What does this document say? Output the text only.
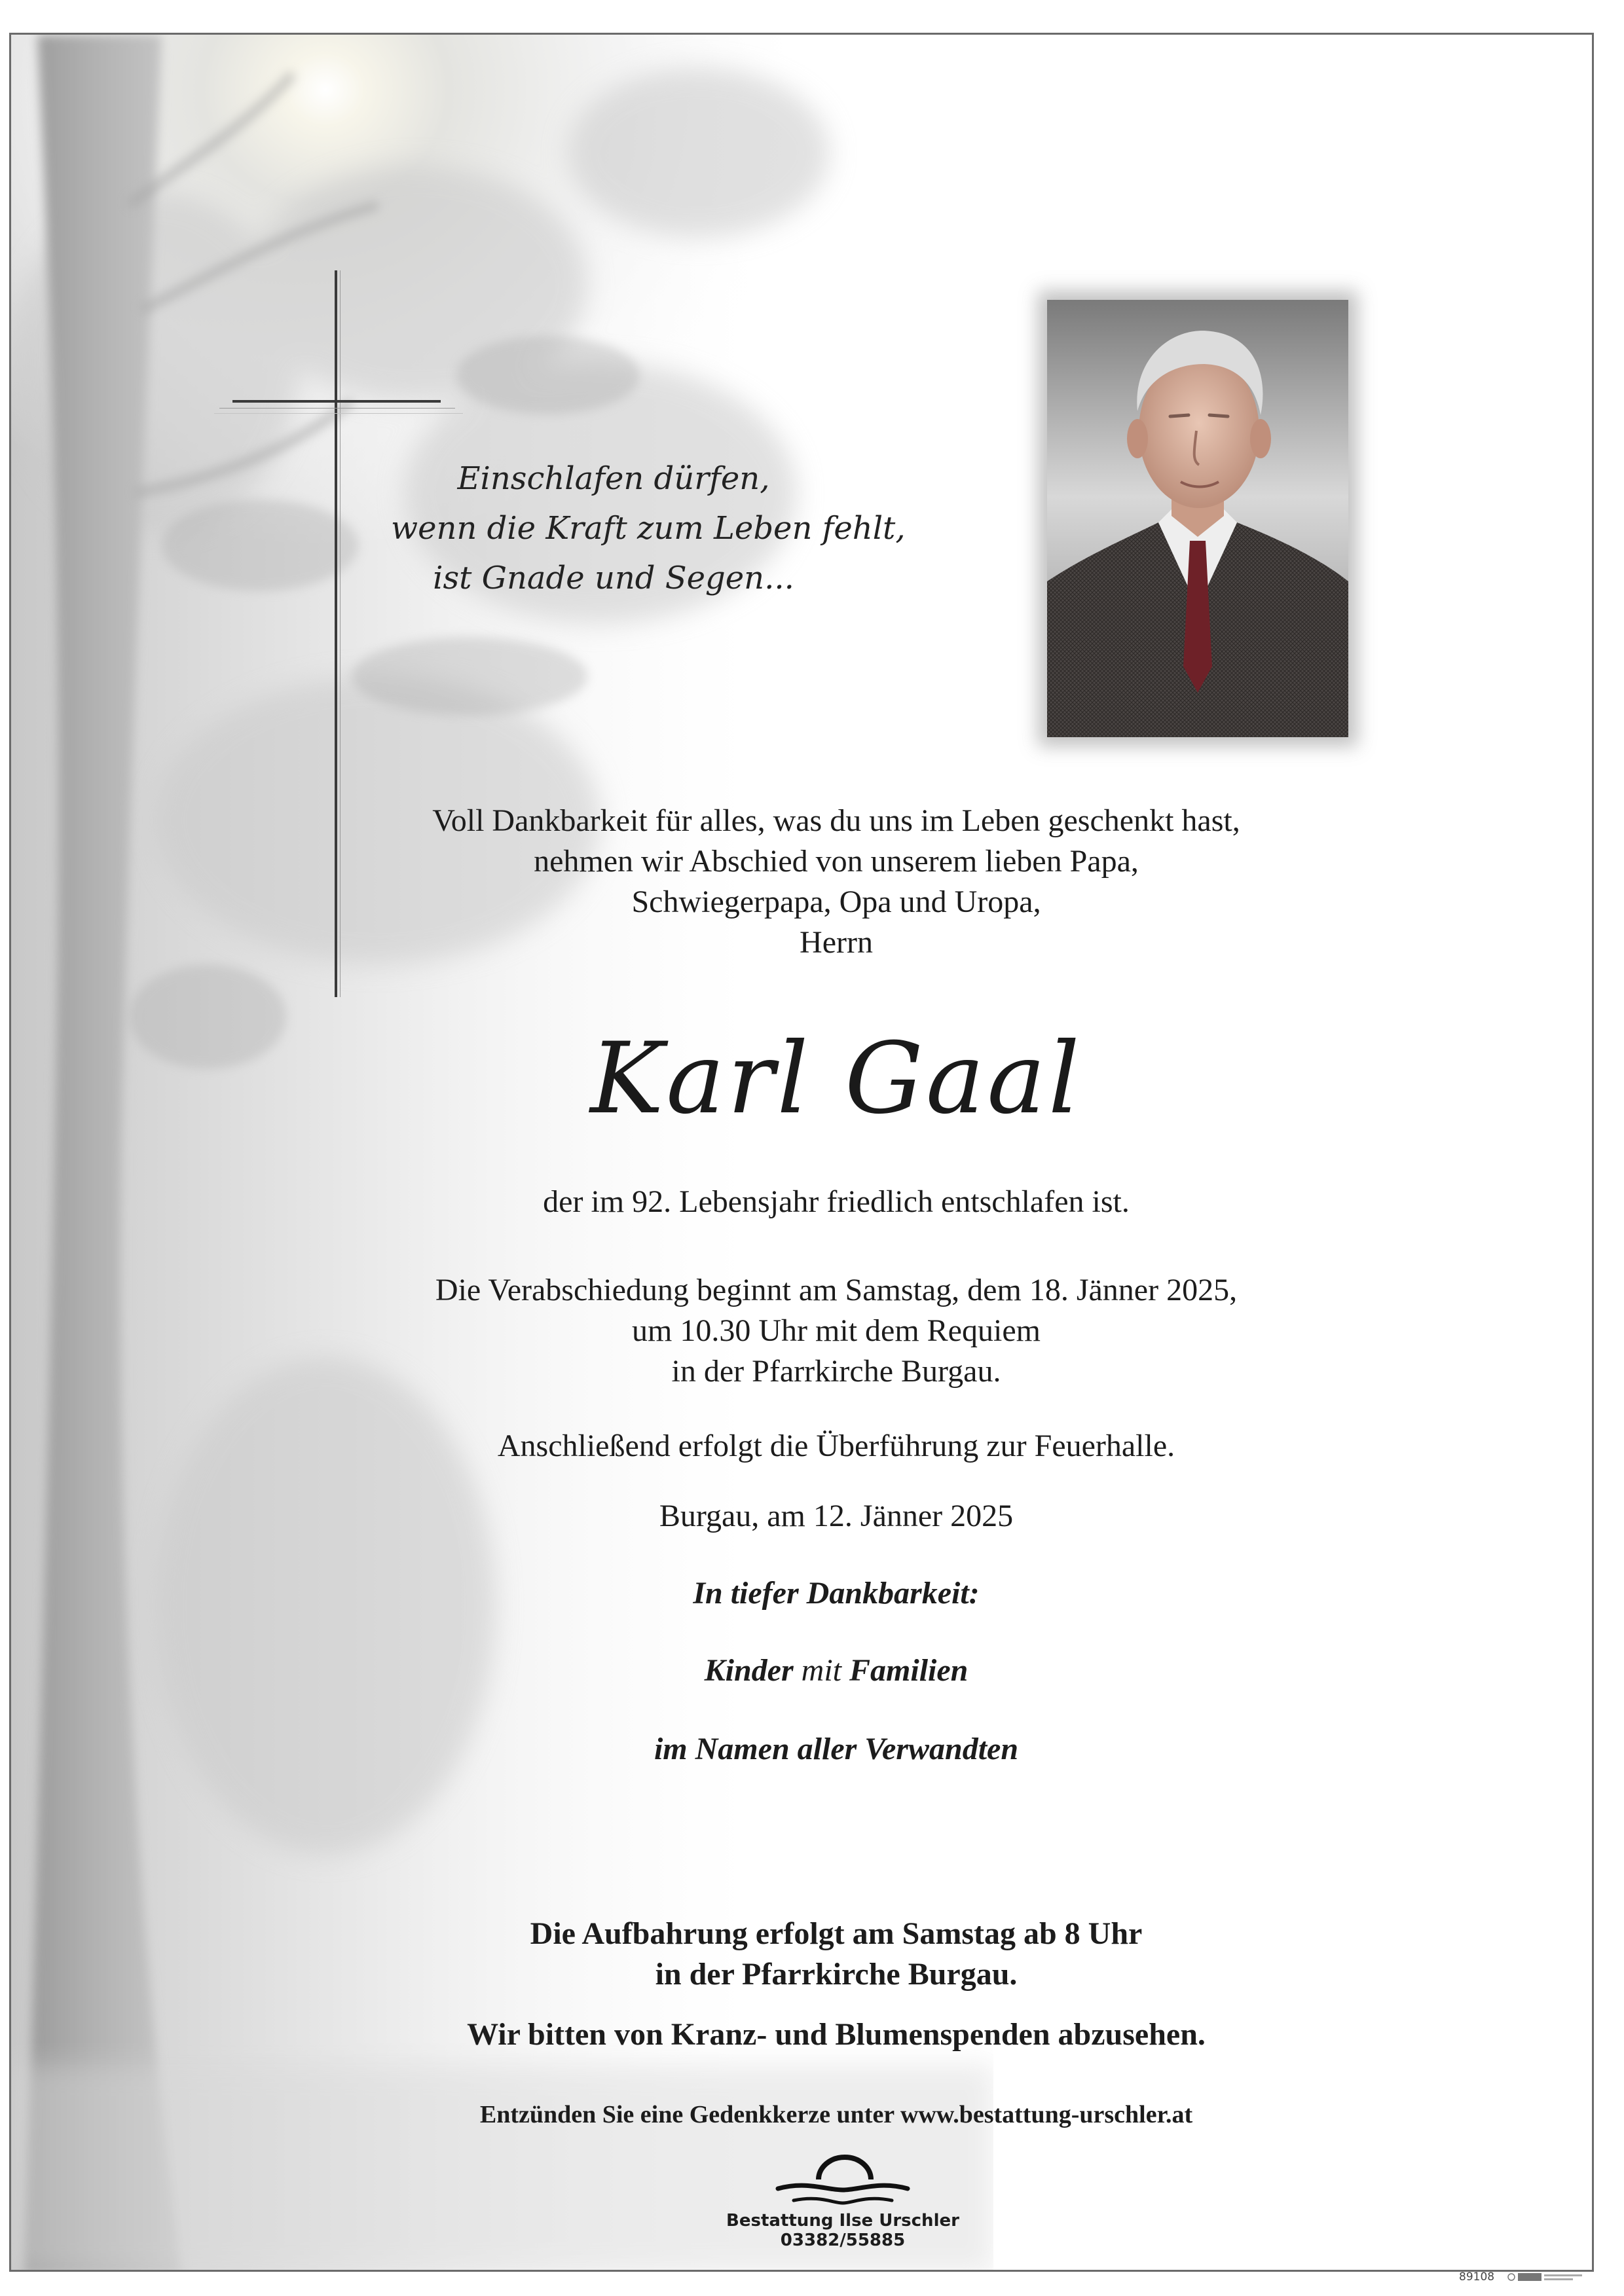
Einschlafen dürfen,
wenn die Kraft zum Leben fehlt,
ist Gnade und Segen...
Voll Dankbarkeit für alles, was du uns im Leben geschenkt hast,
nehmen wir Abschied von unserem lieben Papa,
Schwiegerpapa, Opa und Uropa,
Herrn
Karl Gaal
der im 92. Lebensjahr friedlich entschlafen ist.
Die Verabschiedung beginnt am Samstag, dem 18. Jänner 2025,
um 10.30 Uhr mit dem Requiem
in der Pfarrkirche Burgau.
Anschließend erfolgt die Überführung zur Feuerhalle.
Burgau, am 12. Jänner 2025
In tiefer Dankbarkeit:
Kinder mit Familien
im Namen aller Verwandten
Die Aufbahrung erfolgt am Samstag ab 8 Uhr
in der Pfarrkirche Burgau.
Wir bitten von Kranz- und Blumenspenden abzusehen.
Entzünden Sie eine Gedenkkerze unter www.bestattung-urschler.at
Bestattung Ilse Urschler
03382/55885
89108
